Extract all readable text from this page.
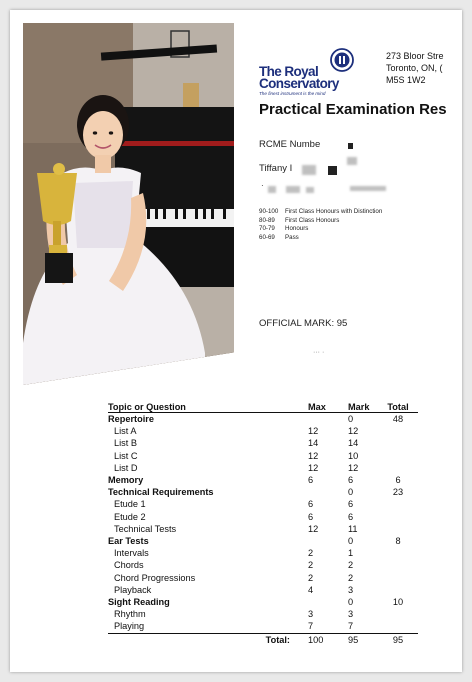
The Royal
Conservatory
The finest instrument is the mind
273 Bloor Stre
Toronto, ON, (
M5S 1W2
Practical Examination Res
RCME Numbe
Tiffany I
·
90-100	First Class Honours with Distinction
80-89	First Class Honours
70-79	Honours
60-69	Pass
OFFICIAL MARK: 95
··· ·
Topic or Question	Max	Mark	Total
Repertoire		0	48
List A	12	12	
List B	14	14	
List C	12	10	
List D	12	12	
Memory	6	6	6
Technical Requirements		0	23
Etude 1	6	6	
Etude 2	6	6	
Technical Tests	12	11	
Ear Tests		0	8
Intervals	2	1	
Chords	2	2	
Chord Progressions	2	2	
Playback	4	3	
Sight Reading		0	10
Rhythm	3	3	
Playing	7	7	
Total:	100	95	95
